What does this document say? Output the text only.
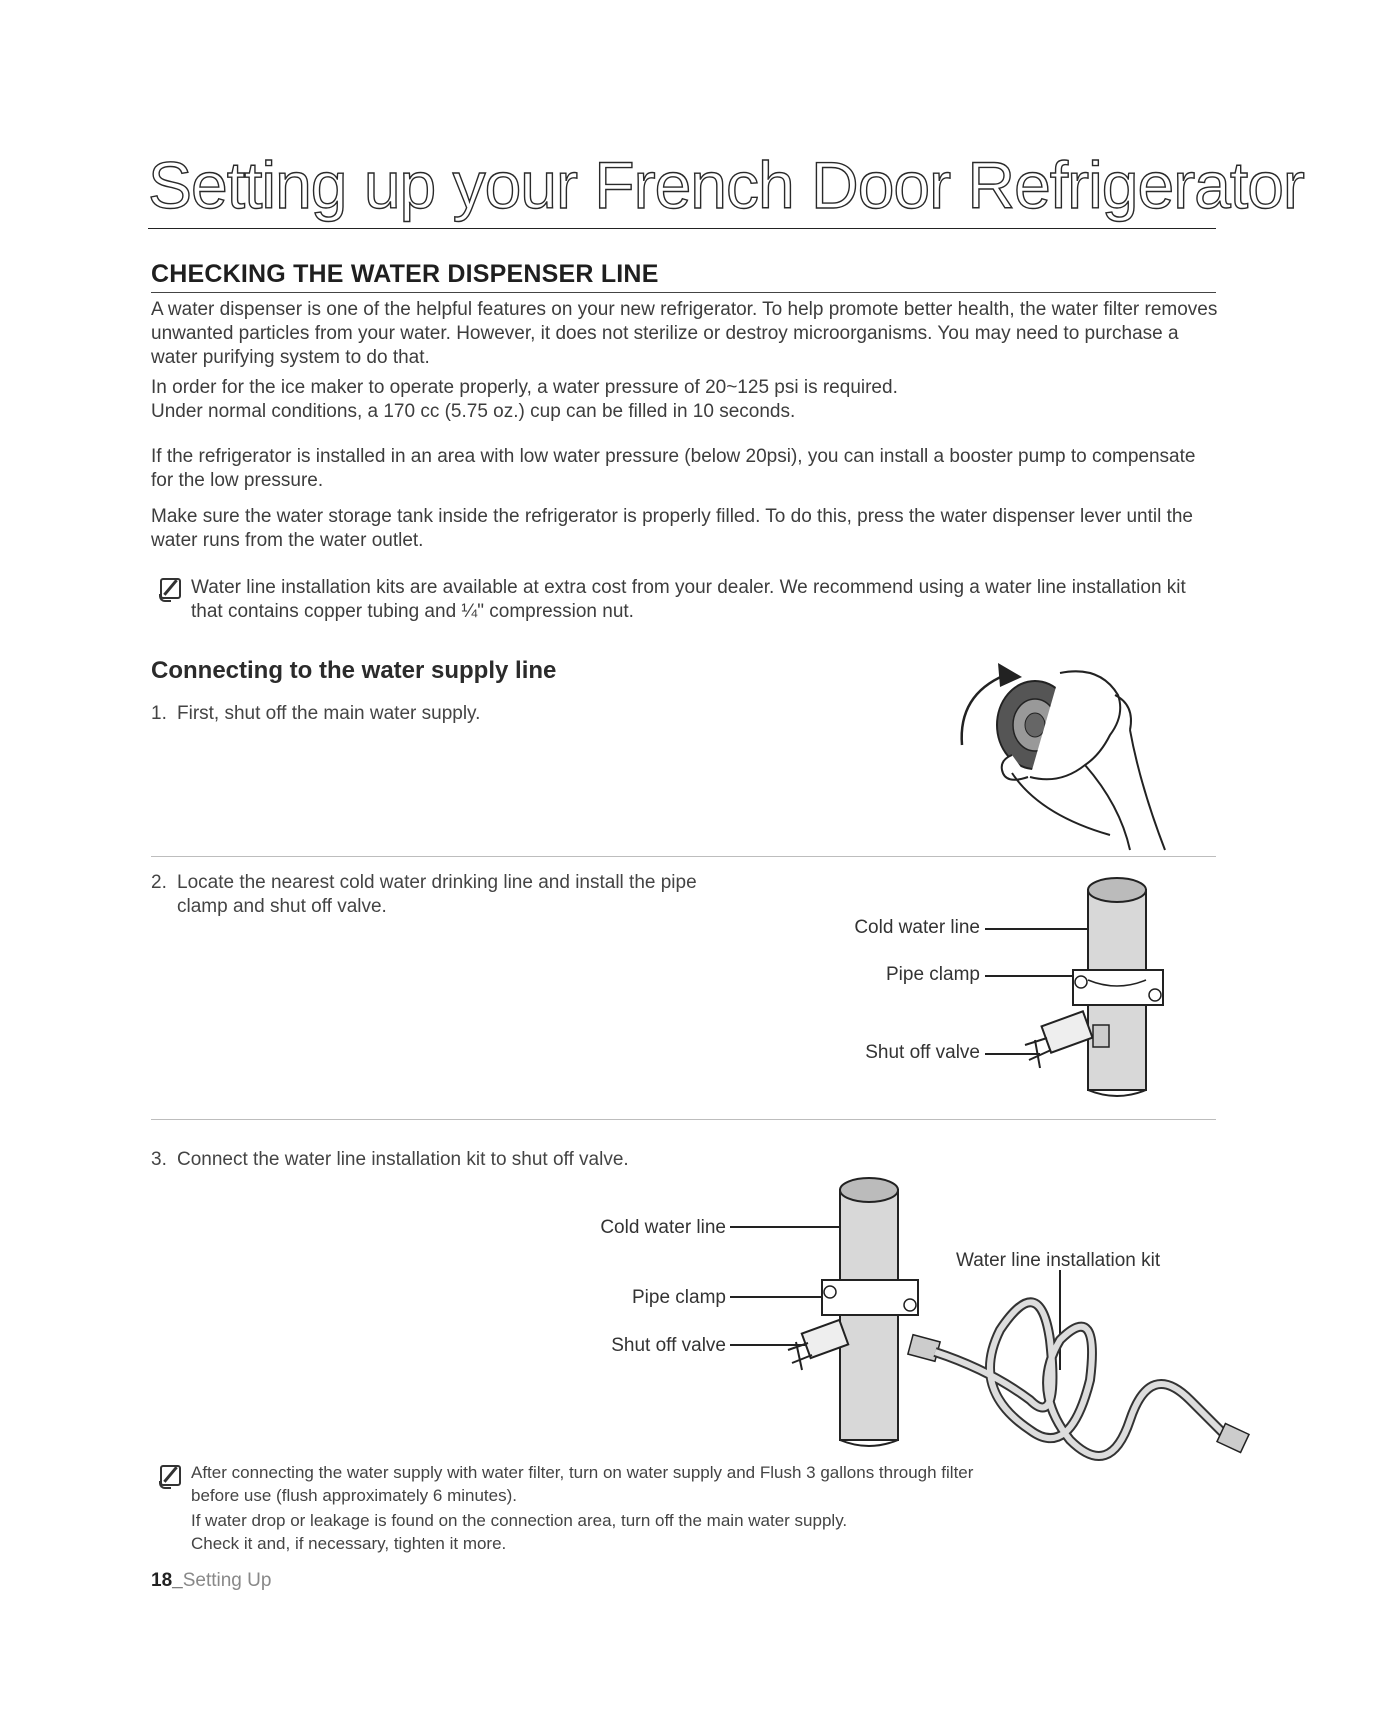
Setting up your French Door Refrigerator
CHECKING THE WATER DISPENSER LINE

A water dispenser is one of the helpful features on your new refrigerator. To help promote better health, the water filter removes unwanted particles from your water. However, it does not sterilize or destroy microorganisms. You may need to purchase a water purifying system to do that.

In order for the ice maker to operate properly, a water pressure of 20~125 psi is required.

Under normal conditions, a 170 cc (5.75 oz.) cup can be filled in 10 seconds.

If the refrigerator is installed in an area with low water pressure (below 20psi), you can install a booster pump to compensate for the low pressure.

Make sure the water storage tank inside the refrigerator is properly filled. To do this, press the water dispenser lever until the water runs from the water outlet.

Water line installation kits are available at extra cost from your dealer. We recommend using a water line installation kit that contains copper tubing and ¼" compression nut.

Connecting to the water supply line

1. First, shut off the main water supply.

2. Locate the nearest cold water drinking line and install the pipe
clamp and shut off valve.

Cold water line
Pipe clamp
Shut off valve

3. Connect the water line installation kit to shut off valve.

Cold water line
Pipe clamp
Shut off valve
Water line installation kit

After connecting the water supply with water filter, turn on water supply and Flush 3 gallons through filter

before use (flush approximately 6 minutes).

If water drop or leakage is found on the connection area, turn off the main water supply.

Check it and, if necessary, tighten it more.

18_Setting Up
